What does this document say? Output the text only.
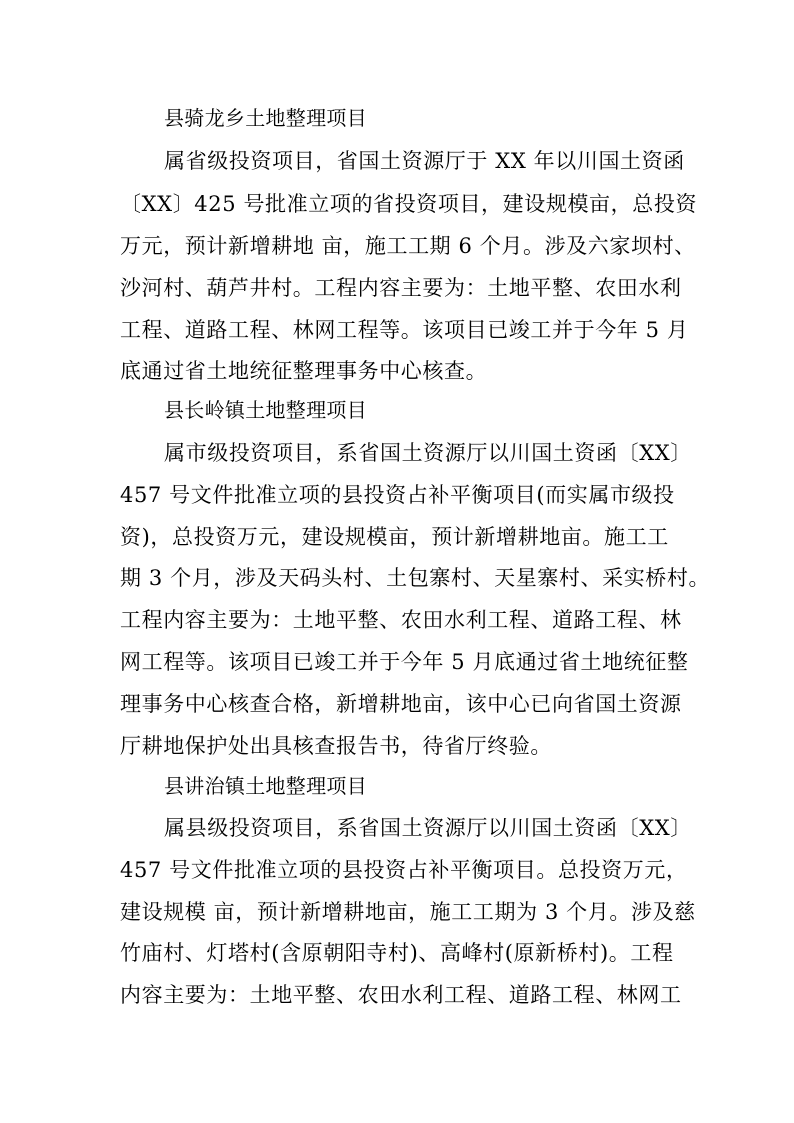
县骑龙乡土地整理项目
属省级投资项目，省国土资源厅于 XX 年以川国土资函
〔XX〕425 号批准立项的省投资项目，建设规模亩，总投资
万元，预计新增耕地 亩，施工工期 6 个月。涉及六家坝村、
沙河村、葫芦井村。工程内容主要为：土地平整、农田水利
工程、道路工程、林网工程等。该项目已竣工并于今年 5 月
底通过省土地统征整理事务中心核查。
县长岭镇土地整理项目
属市级投资项目，系省国土资源厅以川国土资函〔XX〕
457 号文件批准立项的县投资占补平衡项目(而实属市级投
资)，总投资万元，建设规模亩，预计新增耕地亩。施工工
期 3 个月，涉及天码头村、土包寨村、天星寨村、采实桥村。
工程内容主要为：土地平整、农田水利工程、道路工程、林
网工程等。该项目已竣工并于今年 5 月底通过省土地统征整
理事务中心核查合格，新增耕地亩，该中心已向省国土资源
厅耕地保护处出具核查报告书，待省厅终验。
县讲治镇土地整理项目
属县级投资项目，系省国土资源厅以川国土资函〔XX〕
457 号文件批准立项的县投资占补平衡项目。总投资万元，
建设规模 亩，预计新增耕地亩，施工工期为 3 个月。涉及慈
竹庙村、灯塔村(含原朝阳寺村)、高峰村(原新桥村)。工程
内容主要为：土地平整、农田水利工程、道路工程、林网工
